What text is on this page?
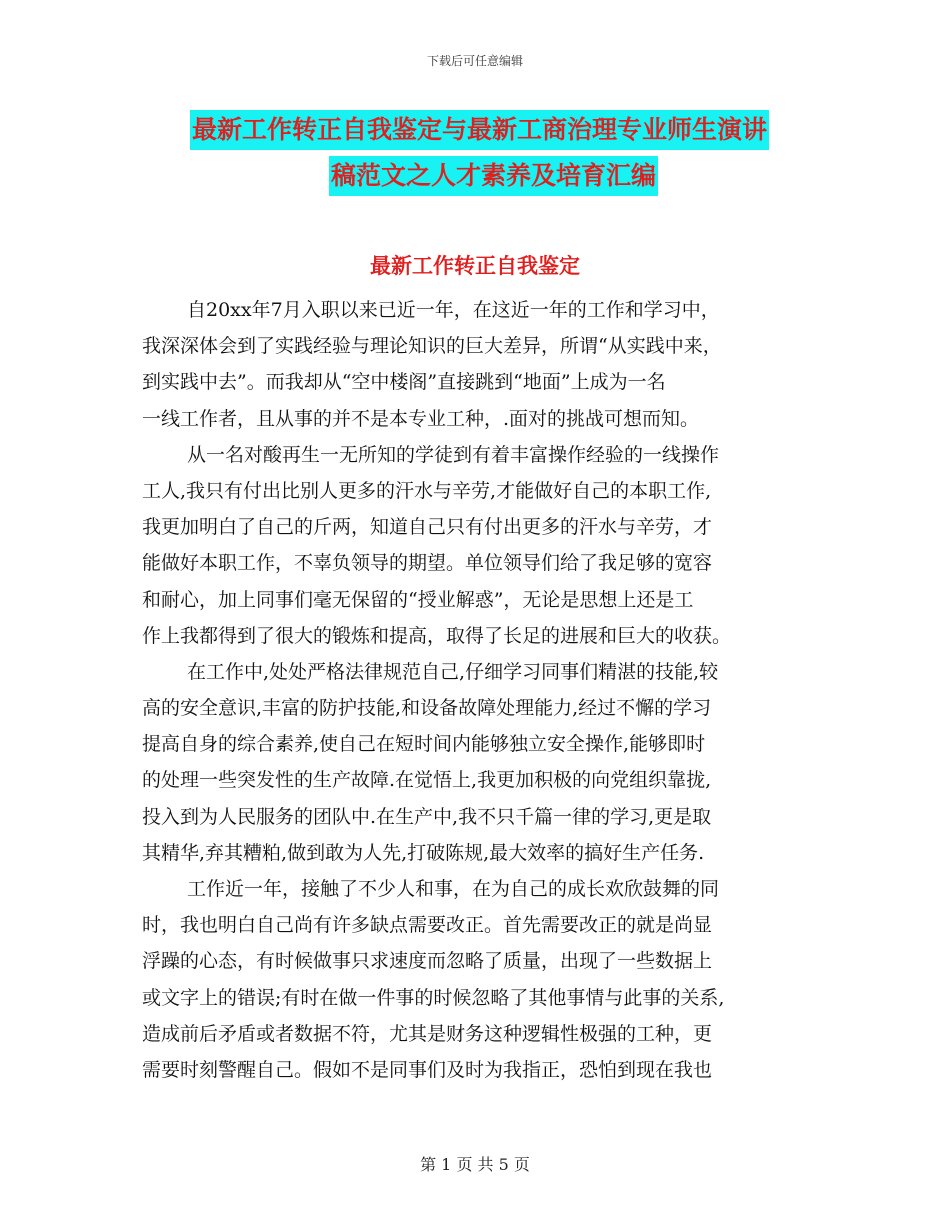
下载后可任意编辑
最新工作转正自我鉴定与最新工商治理专业师生演讲
稿范文之人才素养及培育汇编
最新工作转正自我鉴定
自20xx年7月入职以来已近一年，在这近一年的工作和学习中，
我深深体会到了实践经验与理论知识的巨大差异，所谓“从实践中来，
到实践中去”。而我却从“空中楼阁”直接跳到“地面”上成为一名
一线工作者，且从事的并不是本专业工种，.面对的挑战可想而知。
从一名对酸再生一无所知的学徒到有着丰富操作经验的一线操作
工人,我只有付出比别人更多的汗水与辛劳,才能做好自己的本职工作,
我更加明白了自己的斤两，知道自己只有付出更多的汗水与辛劳，才
能做好本职工作，不辜负领导的期望。单位领导们给了我足够的宽容
和耐心，加上同事们毫无保留的“授业解惑”，无论是思想上还是工
作上我都得到了很大的锻炼和提高，取得了长足的进展和巨大的收获。
在工作中,处处严格法律规范自己,仔细学习同事们精湛的技能,较
高的安全意识,丰富的防护技能,和设备故障处理能力,经过不懈的学习
提高自身的综合素养,使自己在短时间内能够独立安全操作,能够即时
的处理一些突发性的生产故障.在觉悟上,我更加积极的向党组织靠拢,
投入到为人民服务的团队中.在生产中,我不只千篇一律的学习,更是取
其精华,弃其糟粕,做到敢为人先,打破陈规,最大效率的搞好生产任务.
工作近一年，接触了不少人和事，在为自己的成长欢欣鼓舞的同
时，我也明白自己尚有许多缺点需要改正。首先需要改正的就是尚显
浮躁的心态，有时候做事只求速度而忽略了质量，出现了一些数据上
或文字上的错误;有时在做一件事的时候忽略了其他事情与此事的关系,
造成前后矛盾或者数据不符，尤其是财务这种逻辑性极强的工种，更
需要时刻警醒自己。假如不是同事们及时为我指正，恐怕到现在我也
第 1 页 共 5 页
